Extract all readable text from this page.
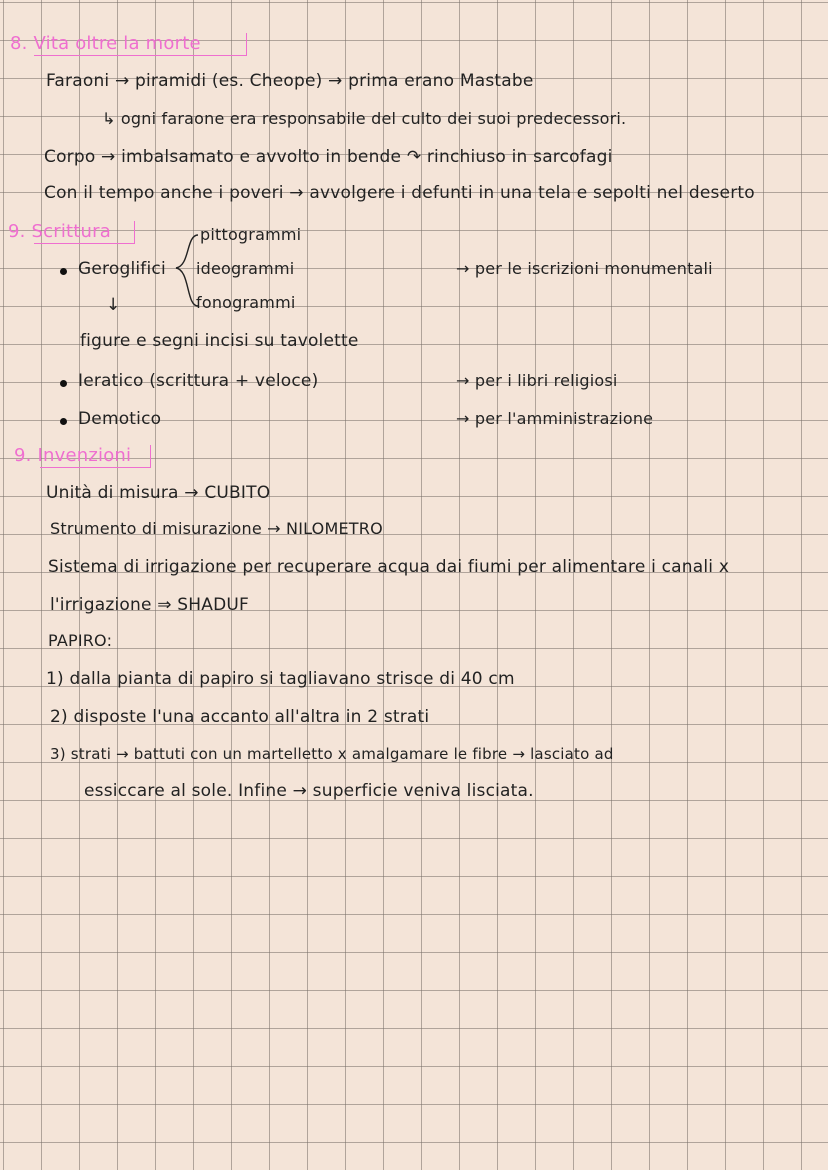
8. Vita oltre la morte
Faraoni → piramidi (es. Cheope) → prima erano Mastabe
↳ ogni faraone era responsabile del culto dei suoi predecessori.
Corpo → imbalsamato e avvolto in bende ↷ rinchiuso in sarcofagi
Con il tempo anche i poveri → avvolgere i defunti in una tela e sepolti nel deserto
9. Scrittura
Geroglifici
pittogrammi
ideogrammi
fonogrammi
→ per le iscrizioni monumentali
↓
figure e segni incisi su tavolette
Ieratico (scrittura + veloce)	→ per i libri religiosi
Demotico	→ per l'amministrazione
9. Invenzioni
Unità di misura → CUBITO
Strumento di misurazione → NILOMETRO
Sistema di irrigazione per recuperare acqua dai fiumi per alimentare i canali x
l'irrigazione ⇒ SHADUF
PAPIRO:
1) dalla pianta di papiro si tagliavano strisce di 40 cm
2) disposte l'una accanto all'altra in 2 strati
3) strati → battuti con un martelletto x amalgamare le fibre → lasciato ad
essiccare al sole. Infine → superficie veniva lisciata.
